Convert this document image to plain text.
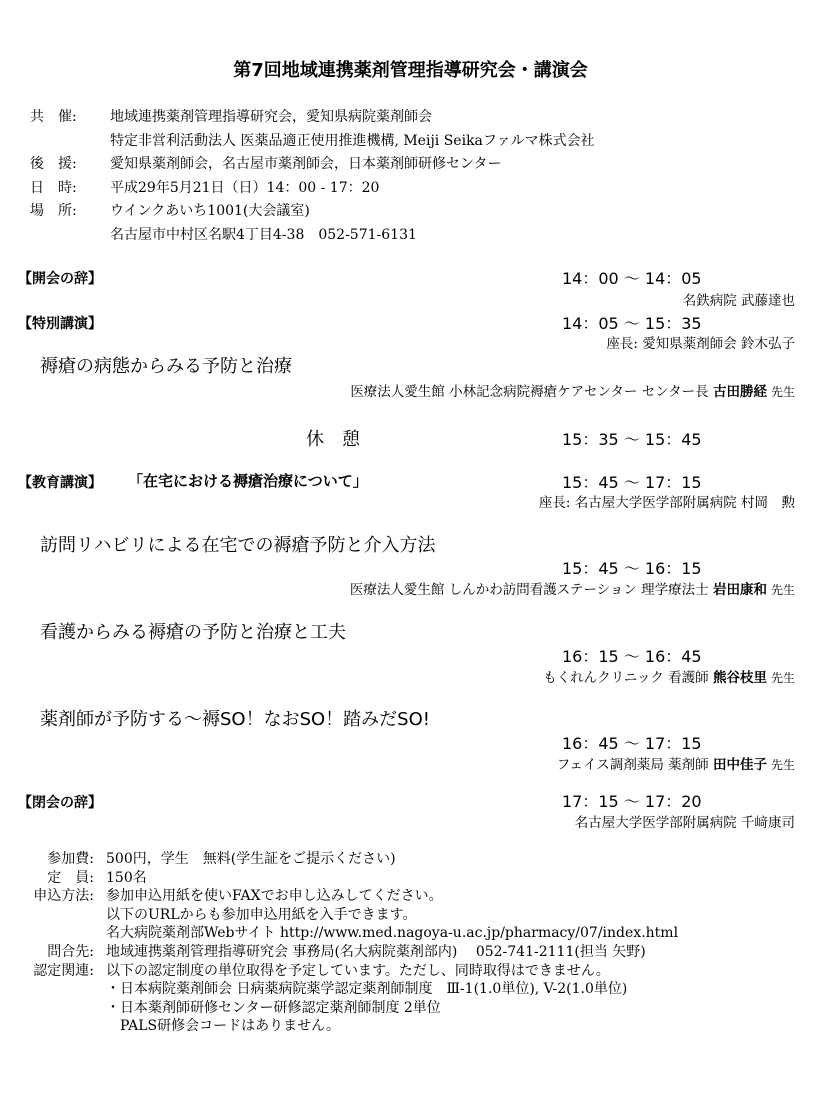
第7回地域連携薬剤管理指導研究会・講演会
共　催:	地域連携薬剤管理指導研究会，愛知県病院薬剤師会
特定非営利活動法人 医薬品適正使用推進機構, Meiji Seikaファルマ株式会社
後　援:	愛知県薬剤師会，名古屋市薬剤師会，日本薬剤師研修センター
日　時:	平成29年5月21日（日）14：00 - 17：20
場　所:	ウインクあいち1001(大会議室)
名古屋市中村区名駅4丁目4-38　052-571-6131
【開会の辞】	14：00 ～ 14：05
名鉄病院 武藤達也
【特別講演】	14：05 ～ 15：35
座長: 愛知県薬剤師会 鈴木弘子
褥瘡の病態からみる予防と治療
医療法人愛生館 小林記念病院褥瘡ケアセンター センター長 古田勝経 先生
休憩	15：35 ～ 15：45
【教育講演】 「在宅における褥瘡治療について」	15：45 ～ 17：15
座長: 名古屋大学医学部附属病院 村岡　勲
訪問リハビリによる在宅での褥瘡予防と介入方法
15：45 ～ 16：15
医療法人愛生館 しんかわ訪問看護ステーション 理学療法士 岩田康和 先生
看護からみる褥瘡の予防と治療と工夫
16：15 ～ 16：45
もくれんクリニック 看護師 熊谷枝里 先生
薬剤師が予防する～褥SO！なおSO！踏みだSO!
16：45 ～ 17：15
フェイス調剤薬局 薬剤師 田中佳子 先生
【閉会の辞】	17：15 ～ 17：20
名古屋大学医学部附属病院 千﨑康司
参加費: 500円，学生　無料(学生証をご提示ください)
定　員: 150名
申込方法: 参加申込用紙を使いFAXでお申し込みしてください。
以下のURLからも参加申込用紙を入手できます。
名大病院薬剤部Webサイト http://www.med.nagoya-u.ac.jp/pharmacy/07/index.html
問合先: 地域連携薬剤管理指導研究会 事務局(名大病院薬剤部内)　 052-741-2111(担当 矢野)
認定関連: 以下の認定制度の単位取得を予定しています。ただし、同時取得はできません。
・日本病院薬剤師会 日病薬病院薬学認定薬剤師制度　Ⅲ-1(1.0単位), V-2(1.0単位)
・日本薬剤師研修センター研修認定薬剤師制度 2単位
PALS研修会コードはありません。
